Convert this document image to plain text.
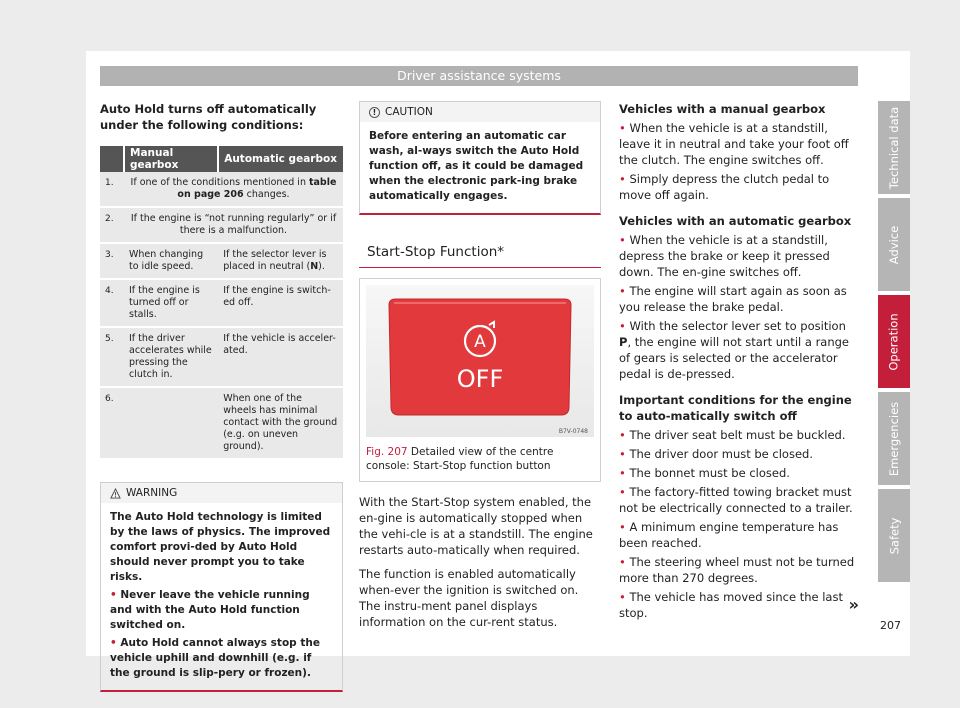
Driver assistance systems
Auto Hold turns off automatically under the following conditions:
	Manual gearbox	Automatic gearbox
1.	If one of the conditions mentioned in table on page 206 changes.	
2.	If the engine is “not running regularly” or if there is a malfunction.	
3.	When changing to idle speed.	If the selector lever is placed in neutral (N).
4.	If the engine is turned off or stalls.	If the engine is switch-ed off.
5.	If the driver accelerates while pressing the clutch in.	If the vehicle is acceler-ated.
6.		When one of the wheels has minimal contact with the ground (e.g. on uneven ground).
WARNING
The Auto Hold technology is limited by the laws of physics. The improved comfort provi-ded by Auto Hold should never prompt you to take risks.
• Never leave the vehicle running and with the Auto Hold function switched on.
• Auto Hold cannot always stop the vehicle uphill and downhill (e.g. if the ground is slip-pery or frozen).
! CAUTION
Before entering an automatic car wash, al-ways switch the Auto Hold function off, as it could be damaged when the electronic park-ing brake automatically engages.
Start-Stop Function*
A
OFF
B7V-0748
Fig. 207 Detailed view of the centre console: Start-Stop function button

With the Start-Stop system enabled, the en-gine is automatically stopped when the vehi-cle is at a standstill. The engine restarts auto-matically when required.

The function is enabled automatically when-ever the ignition is switched on. The instru-ment panel displays information on the cur-rent status.

Vehicles with a manual gearbox
• When the vehicle is at a standstill, leave it in neutral and take your foot off the clutch. The engine switches off.
• Simply depress the clutch pedal to move off again.
Vehicles with an automatic gearbox
• When the vehicle is at a standstill, depress the brake or keep it pressed down. The en-gine switches off.
• The engine will start again as soon as you release the brake pedal.
• With the selector lever set to position P, the engine will not start until a range of gears is selected or the accelerator pedal is de-pressed.
Important conditions for the engine to auto-matically switch off
• The driver seat belt must be buckled.
• The driver door must be closed.
• The bonnet must be closed.
• The factory-fitted towing bracket must not be electrically connected to a trailer.
• A minimum engine temperature has been reached.
• The steering wheel must not be turned more than 270 degrees.
• The vehicle has moved since the last stop.	»
Technical data
Advice
Operation
Emergencies
Safety
207
